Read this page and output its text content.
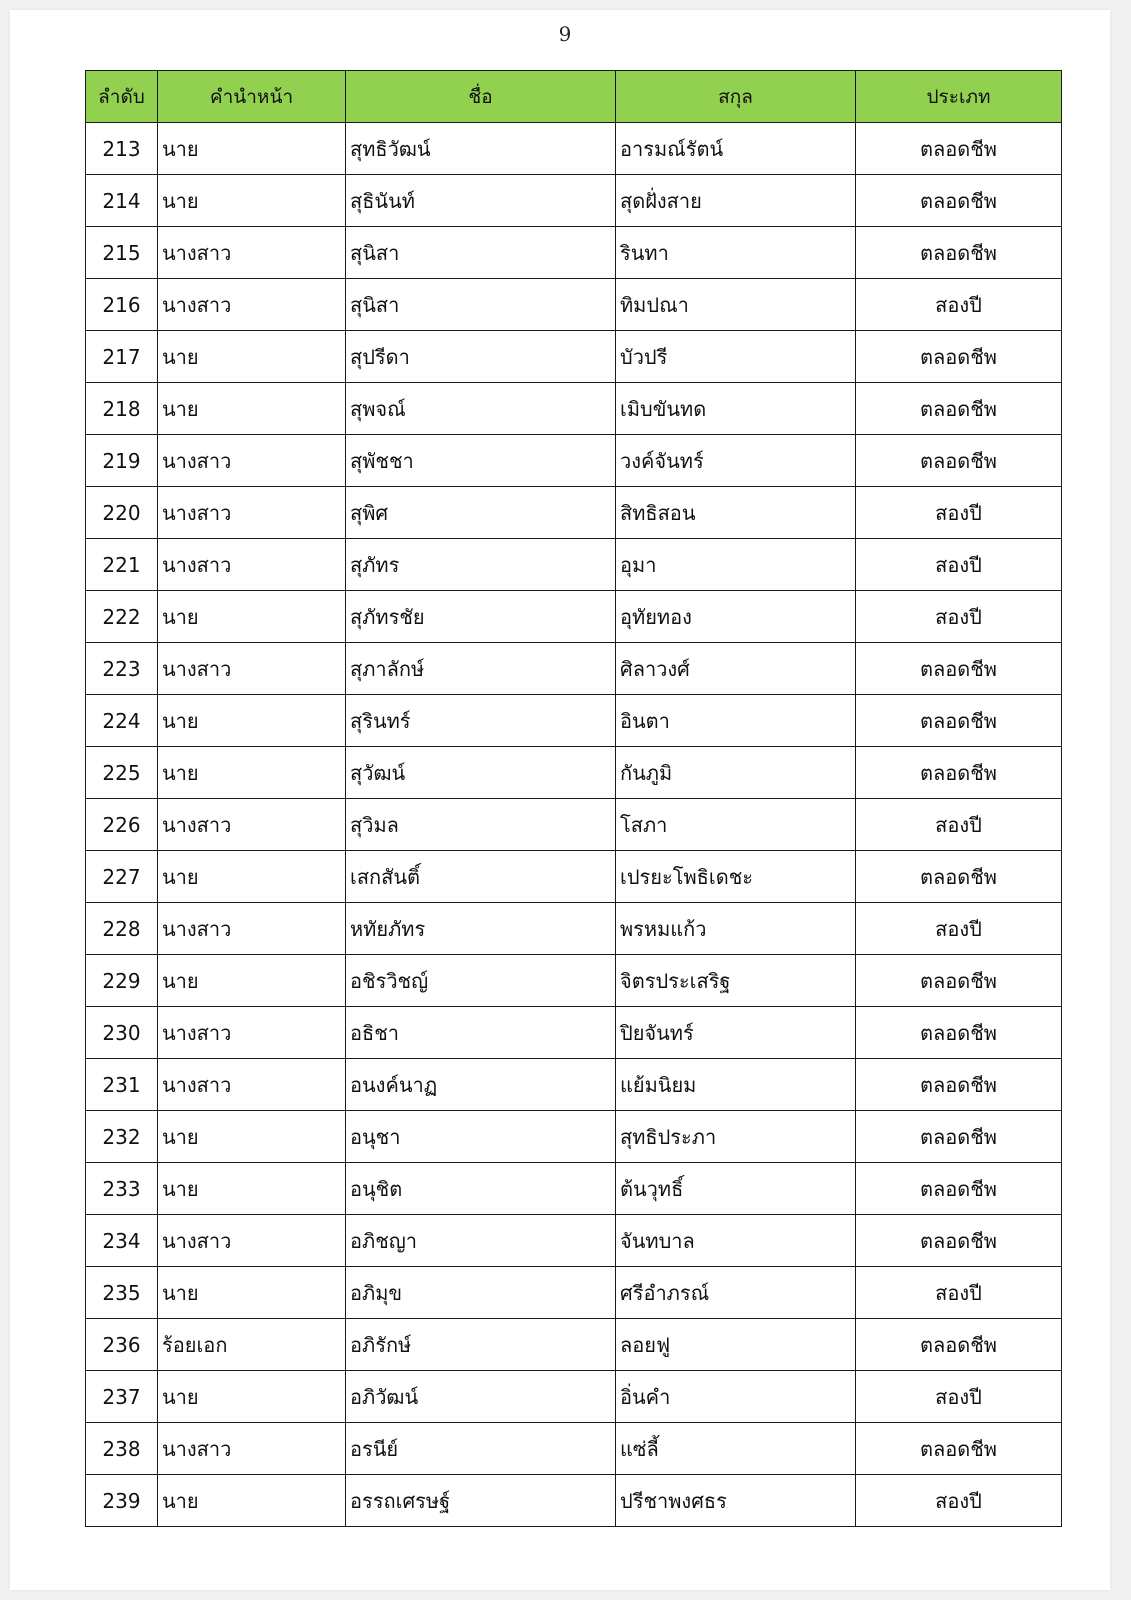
9
ลำดับ	คำนำหน้า	ชื่อ	สกุล	ประเภท
213	นาย	สุทธิวัฒน์	อารมณ์รัตน์	ตลอดชีพ
214	นาย	สุธินันท์	สุดฝั่งสาย	ตลอดชีพ
215	นางสาว	สุนิสา	รินทา	ตลอดชีพ
216	นางสาว	สุนิสา	ทิมปณา	สองปี
217	นาย	สุปรีดา	บัวปรี	ตลอดชีพ
218	นาย	สุพจณ์	เมิบขันทด	ตลอดชีพ
219	นางสาว	สุพัชชา	วงค์จันทร์	ตลอดชีพ
220	นางสาว	สุพิศ	สิทธิสอน	สองปี
221	นางสาว	สุภัทร	อุมา	สองปี
222	นาย	สุภัทรชัย	อุทัยทอง	สองปี
223	นางสาว	สุภาลักษ์	ศิลาวงศ์	ตลอดชีพ
224	นาย	สุรินทร์	อินตา	ตลอดชีพ
225	นาย	สุวัฒน์	กันภูมิ	ตลอดชีพ
226	นางสาว	สุวิมล	โสภา	สองปี
227	นาย	เสกสันติ์	เปรยะโพธิเดชะ	ตลอดชีพ
228	นางสาว	หทัยภัทร	พรหมแก้ว	สองปี
229	นาย	อชิรวิชญ์	จิตรประเสริฐ	ตลอดชีพ
230	นางสาว	อธิชา	ปิยจันทร์	ตลอดชีพ
231	นางสาว	อนงค์นาฏ	แย้มนิยม	ตลอดชีพ
232	นาย	อนุชา	สุทธิประภา	ตลอดชีพ
233	นาย	อนุชิต	ต้นวุทธิ์	ตลอดชีพ
234	นางสาว	อภิชญา	จันทบาล	ตลอดชีพ
235	นาย	อภิมุข	ศรีอำภรณ์	สองปี
236	ร้อยเอก	อภิรักษ์	ลอยฟู	ตลอดชีพ
237	นาย	อภิวัฒน์	อิ่นคำ	สองปี
238	นางสาว	อรนีย์	แซ่ลี้	ตลอดชีพ
239	นาย	อรรถเศรษฐ์	ปรีชาพงศธร	สองปี
